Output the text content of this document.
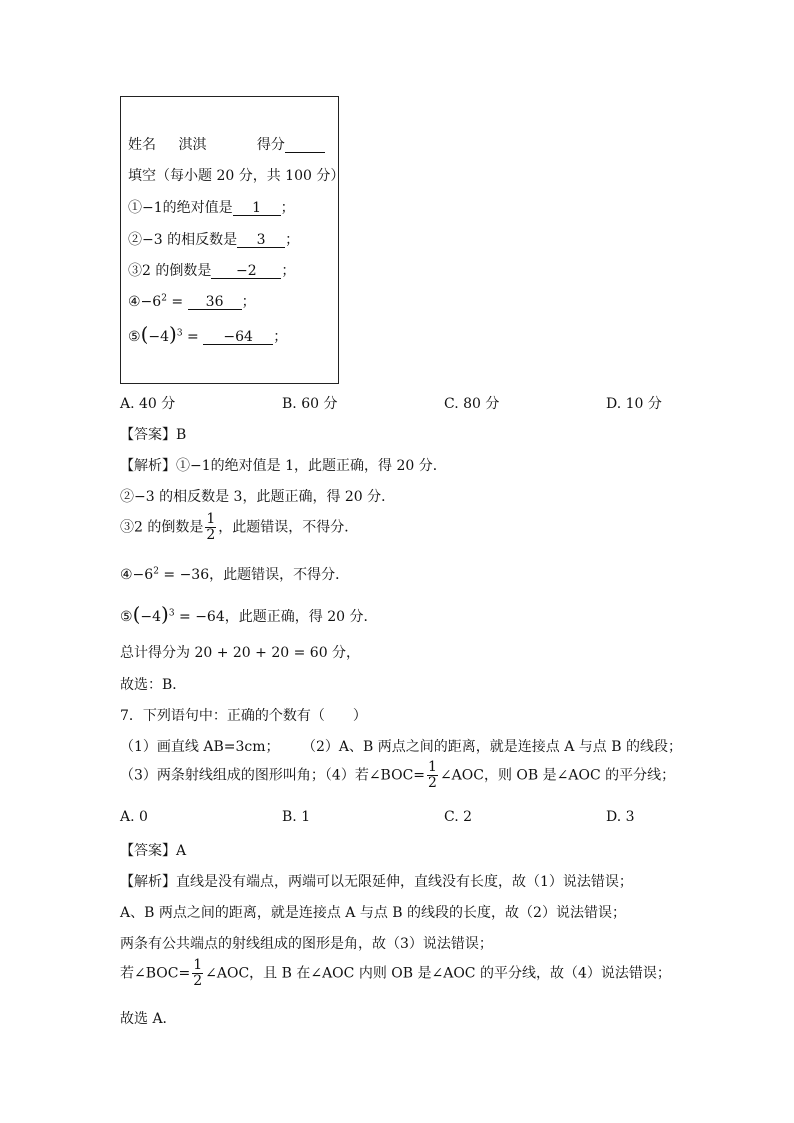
姓名 淇淇	得分
填空（每小题 20 分，共 100 分）
①−1的绝对值是 1 ；
②−3 的相反数是 3 ；
③2 的倒数是 −2 ；
$④-6^2 = 36$ ；
$⑤(-4)^3 = -64$ ；
A. 40 分	B. 60 分	C. 80 分	D. 10 分
【答案】B
【解析】①−1的绝对值是 1，此题正确，得 20 分．
②−3 的相反数是 3，此题正确，得 20 分．
③2 的倒数是 $\frac{1}{2}$ ，此题错误，不得分．
$④-6^2 = -36$，此题错误，不得分．
$⑤(-4)^3 = -64$，此题正确，得 20 分．
总计得分为 20 + 20 + 20 = 60 分，
故选：B．
7．下列语句中：正确的个数有（　　）
（1）画直线 AB=3cm； （2）A、B 两点之间的距离，就是连接点 A 与点 B 的线段；
（3）两条射线组成的图形叫角；（4）若∠BOC= $\frac{1}{2}$ ∠AOC，则 OB 是∠AOC 的平分线；
A. 0	B. 1	C. 2	D. 3
【答案】A
【解析】直线是没有端点，两端可以无限延伸，直线没有长度，故（1）说法错误；
A、B 两点之间的距离，就是连接点 A 与点 B 的线段的长度，故（2）说法错误；
两条有公共端点的射线组成的图形是角，故（3）说法错误；
若∠BOC= $\frac{1}{2}$ ∠AOC，且 B 在∠AOC 内则 OB 是∠AOC 的平分线，故（4）说法错误；
故选 A．
